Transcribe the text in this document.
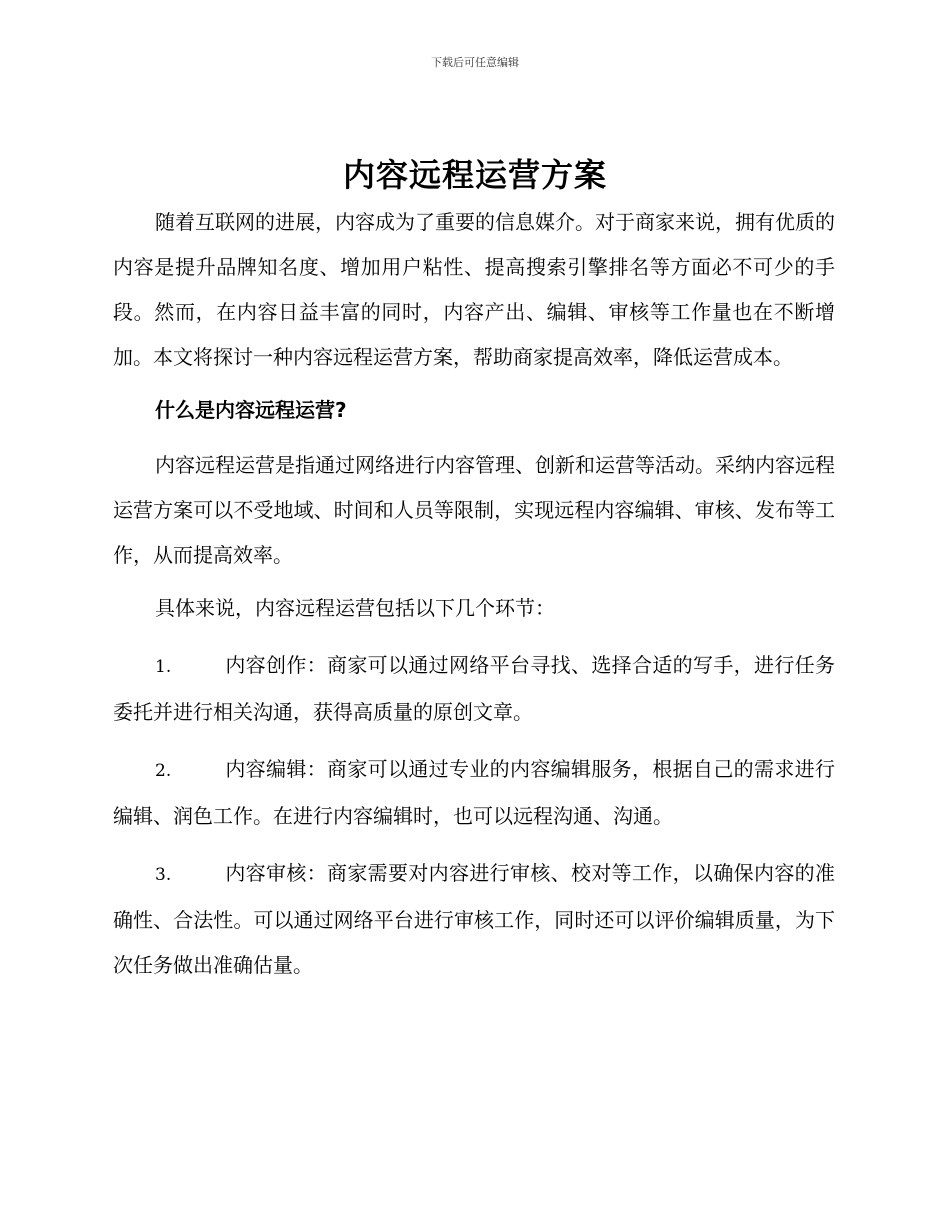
下载后可任意编辑
内容远程运营方案

随着互联网的进展，内容成为了重要的信息媒介。对于商家来说，拥有优质的内容是提升品牌知名度、增加用户粘性、提高搜索引擎排名等方面必不可少的手段。然而，在内容日益丰富的同时，内容产出、编辑、审核等工作量也在不断增加。本文将探讨一种内容远程运营方案，帮助商家提高效率，降低运营成本。

什么是内容远程运营?

内容远程运营是指通过网络进行内容管理、创新和运营等活动。采纳内容远程运营方案可以不受地域、时间和人员等限制，实现远程内容编辑、审核、发布等工作，从而提高效率。

具体来说，内容远程运营包括以下几个环节：

1.	内容创作：商家可以通过网络平台寻找、选择合适的写手，进行任务委托并进行相关沟通，获得高质量的原创文章。

2.	内容编辑：商家可以通过专业的内容编辑服务，根据自己的需求进行编辑、润色工作。在进行内容编辑时，也可以远程沟通、沟通。

3.	内容审核：商家需要对内容进行审核、校对等工作，以确保内容的准确性、合法性。可以通过网络平台进行审核工作，同时还可以评价编辑质量，为下次任务做出准确估量。
